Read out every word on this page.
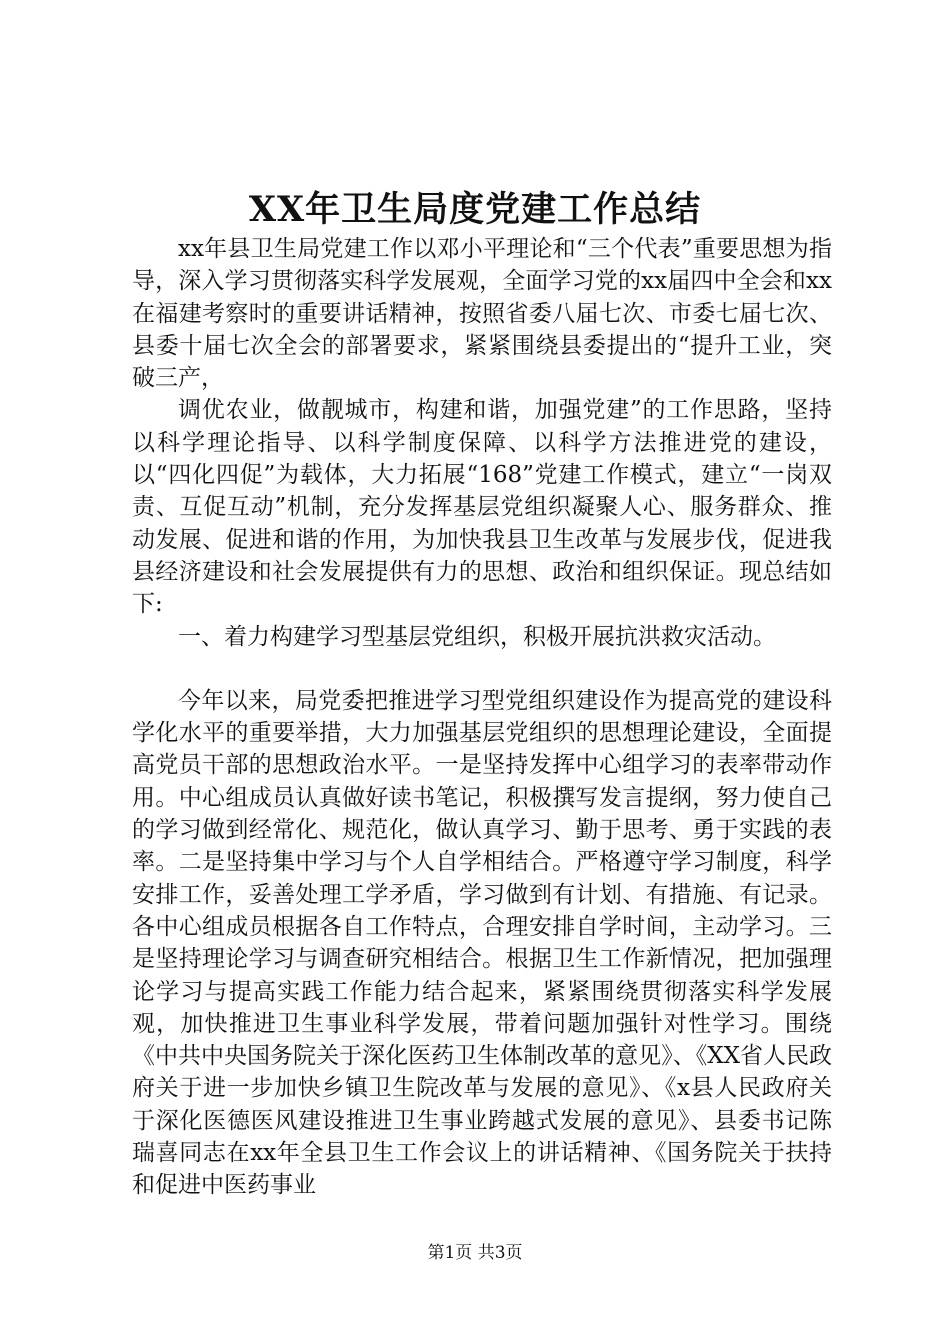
XX年卫生局度党建工作总结

xx年县卫生局党建工作以邓小平理论和“三个代表”重要思想为指导，深入学习贯彻落实科学发展观，全面学习党的xx届四中全会和xx在福建考察时的重要讲话精神，按照省委八届七次、市委七届七次、县委十届七次全会的部署要求，紧紧围绕县委提出的“提升工业，突破三产，

调优农业，做靓城市，构建和谐，加强党建”的工作思路，坚持以科学理论指导、以科学制度保障、以科学方法推进党的建设，以“四化四促”为载体，大力拓展“168”党建工作模式，建立“一岗双责、互促互动”机制，充分发挥基层党组织凝聚人心、服务群众、推动发展、促进和谐的作用，为加快我县卫生改革与发展步伐，促进我县经济建设和社会发展提供有力的思想、政治和组织保证。现总结如下:

一、着力构建学习型基层党组织，积极开展抗洪救灾活动。

今年以来，局党委把推进学习型党组织建设作为提高党的建设科学化水平的重要举措，大力加强基层党组织的思想理论建设，全面提高党员干部的思想政治水平。一是坚持发挥中心组学习的表率带动作用。中心组成员认真做好读书笔记，积极撰写发言提纲，努力使自己的学习做到经常化、规范化，做认真学习、勤于思考、勇于实践的表率。二是坚持集中学习与个人自学相结合。严格遵守学习制度，科学安排工作，妥善处理工学矛盾，学习做到有计划、有措施、有记录。各中心组成员根据各自工作特点，合理安排自学时间，主动学习。三是坚持理论学习与调查研究相结合。根据卫生工作新情况，把加强理论学习与提高实践工作能力结合起来，紧紧围绕贯彻落实科学发展观，加快推进卫生事业科学发展，带着问题加强针对性学习。围绕《中共中央国务院关于深化医药卫生体制改革的意见》、《XX省人民政府关于进一步加快乡镇卫生院改革与发展的意见》、《x县人民政府关于深化医德医风建设推进卫生事业跨越式发展的意见》、县委书记陈瑞喜同志在xx年全县卫生工作会议上的讲话精神、《国务院关于扶持和促进中医药事业

第1页 共3页
